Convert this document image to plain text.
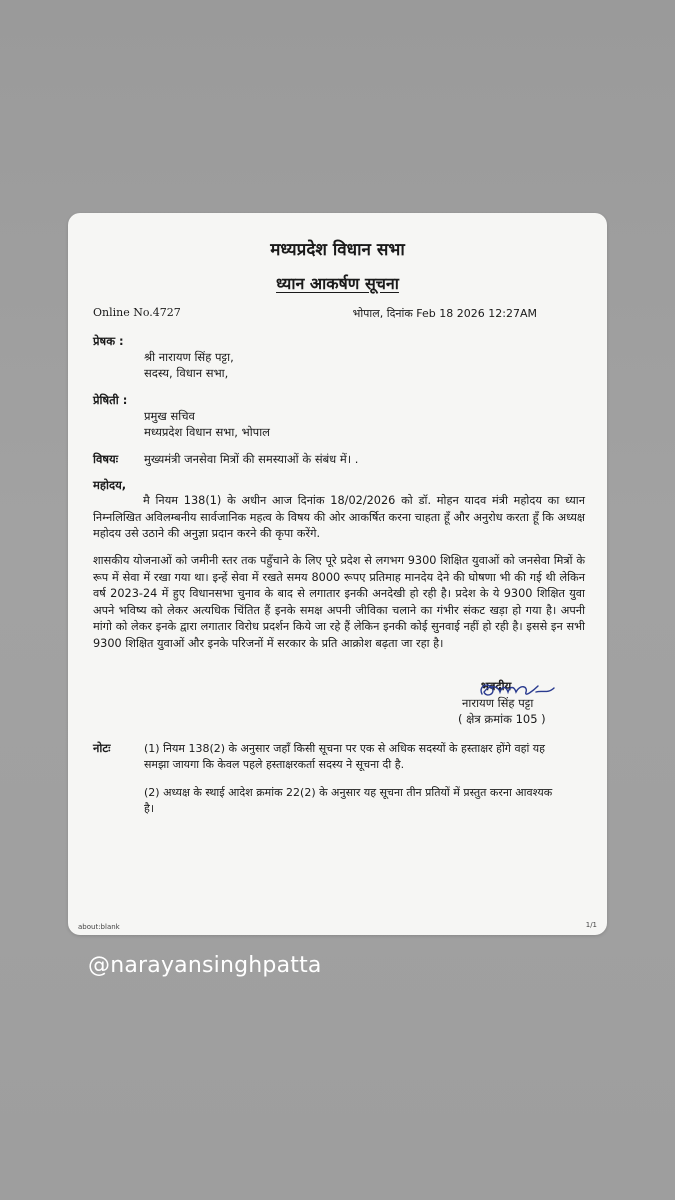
मध्यप्रदेश विधान सभा
ध्यान आकर्षण सूचना
Online No.4727	भोपाल, दिनांक Feb 18 2026 12:27AM
प्रेषक :
श्री नारायण सिंह पट्टा,
सदस्य, विधान सभा,
प्रेषिती :
प्रमुख सचिव
मध्यप्रदेश विधान सभा, भोपाल
विषयः मुख्यमंत्री जनसेवा मित्रों की समस्याओं के संबंध में। .
महोदय,
मै नियम 138(1) के अधीन आज दिनांक 18/02/2026 को डॉ. मोहन यादव मंत्री महोदय का ध्यान निम्नलिखित अविलम्बनीय सार्वजानिक महत्व के विषय की ओर आकर्षित करना चाहता हूँ और अनुरोध करता हूँ कि अध्यक्ष महोदय उसे उठाने की अनुज्ञा प्रदान करने की कृपा करेंगे.
शासकीय योजनाओं को जमीनी स्तर तक पहुँचाने के लिए पूरे प्रदेश से लगभग 9300 शिक्षित युवाओं को जनसेवा मित्रों के रूप में सेवा में रखा गया था। इन्हें सेवा में रखते समय 8000 रूपए प्रतिमाह मानदेय देने की घोषणा भी की गई थी लेकिन वर्ष 2023-24 में हुए विधानसभा चुनाव के बाद से लगातार इनकी अनदेखी हो रही है। प्रदेश के ये 9300 शिक्षित युवा अपने भविष्य को लेकर अत्यधिक चिंतित हैं इनके समक्ष अपनी जीविका चलाने का गंभीर संकट खड़ा हो गया है। अपनी मांगो को लेकर इनके द्वारा लगातार विरोध प्रदर्शन किये जा रहे हैं लेकिन इनकी कोई सुनवाई नहीं हो रही है। इससे इन सभी 9300 शिक्षित युवाओं और इनके परिजनों में सरकार के प्रति आक्रोश बढ़ता जा रहा है।
भवदीय
नारायण सिंह पट्टा
( क्षेत्र क्रमांक 105 )
नोटः	(1) नियम 138(2) के अनुसार जहाँ किसी सूचना पर एक से अधिक सदस्यों के हस्ताक्षर होंगे वहां यह समझा जायगा कि केवल पहले हस्ताक्षरकर्ता सदस्य ने सूचना दी है.
(2) अध्यक्ष के स्थाई आदेश क्रमांक 22(2) के अनुसार यह सूचना तीन प्रतियों में प्रस्तुत करना आवश्यक है।
about:blank	1/1
@narayansinghpatta
